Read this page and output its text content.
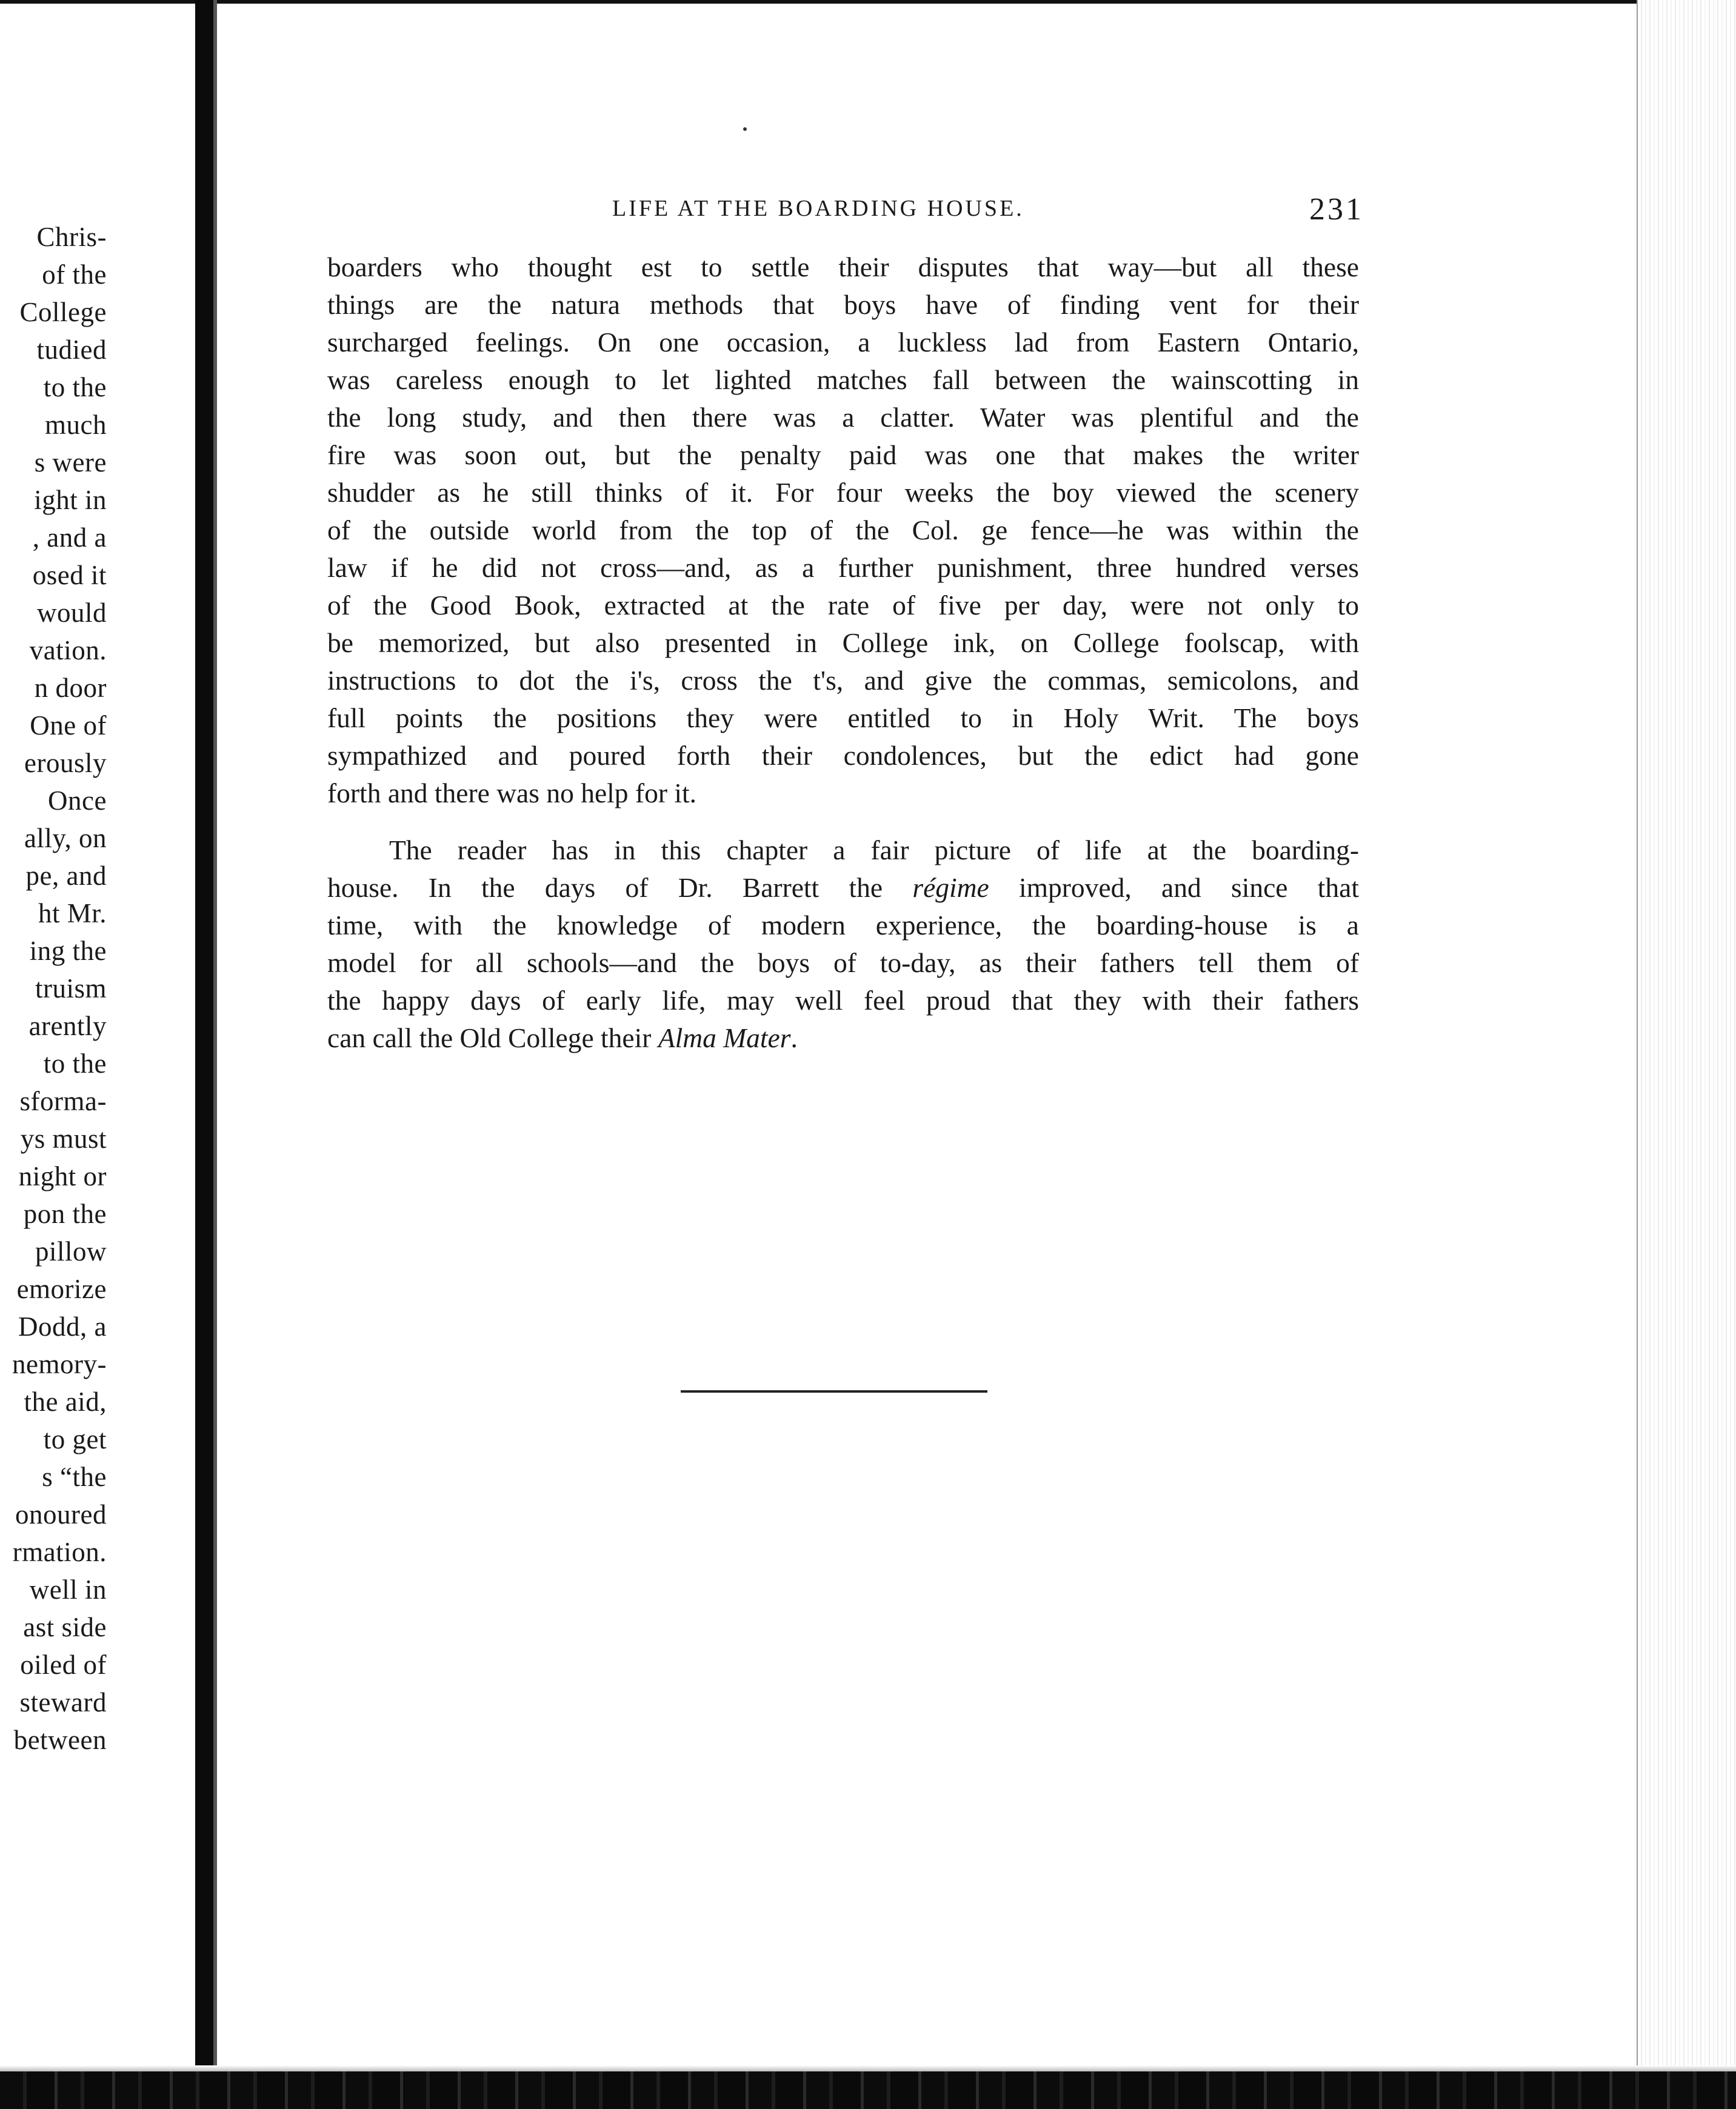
Chris-
of the
College
tudied
to the
much
s were
ight in
, and a
osed it
would
vation.
n door
One of
erously
Once
ally, on
pe, and
ht Mr.
ing the
truism
arently
to the
sforma-
ys must
night or
pon the
pillow
emorize
Dodd, a
nemory-
the aid,
to get
s “the
onoured
rmation.
well in
ast side
oiled of
steward
between
LIFE AT THE BOARDING HOUSE.	231

boarders who thought est to settle their disputes that way—but all these
things are the natura methods that boys have of finding vent for their
surcharged feelings. On one occasion, a luckless lad from Eastern Ontario,
was careless enough to let lighted matches fall between the wainscotting in
the long study, and then there was a clatter. Water was plentiful and the
fire was soon out, but the penalty paid was one that makes the writer
shudder as he still thinks of it. For four weeks the boy viewed the scenery
of the outside world from the top of the Col. ge fence—he was within the
law if he did not cross—and, as a further punishment, three hundred verses
of the Good Book, extracted at the rate of five per day, were not only to
be memorized, but also presented in College ink, on College foolscap, with
instructions to dot the i's, cross the t's, and give the commas, semicolons, and
full points the positions they were entitled to in Holy Writ. The boys
sympathized and poured forth their condolences, but the edict had gone
forth and there was no help for it.

The reader has in this chapter a fair picture of life at the boarding-
house. In the days of Dr. Barrett the régime improved, and since that
time, with the knowledge of modern experience, the boarding-house is a
model for all schools—and the boys of to-day, as their fathers tell them of
the happy days of early life, may well feel proud that they with their fathers
can call the Old College their Alma Mater.
